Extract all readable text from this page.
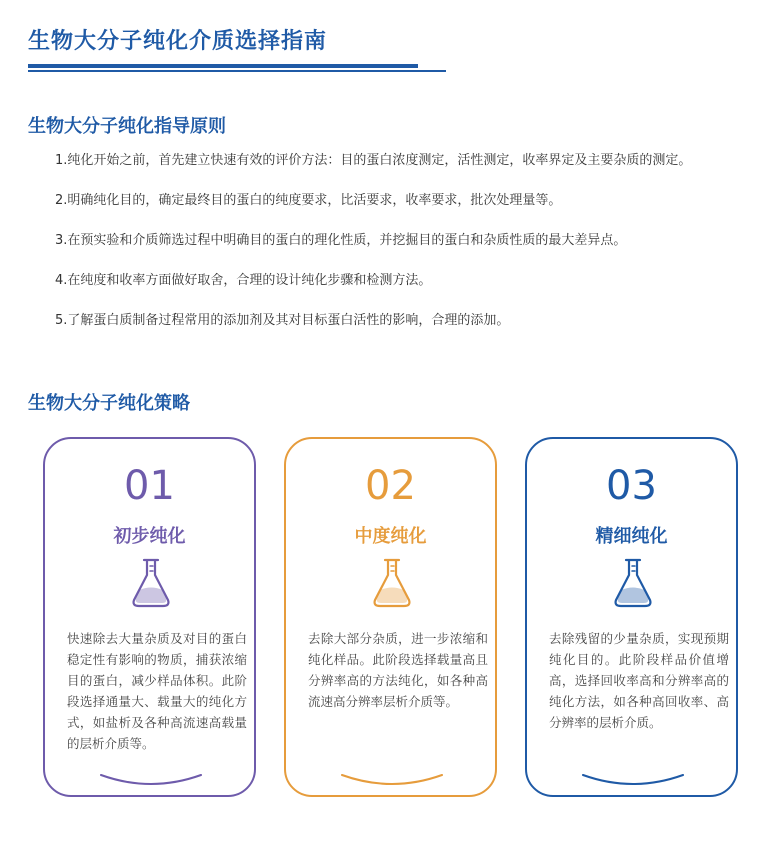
生物大分子纯化介质选择指南
生物大分子纯化指导原则
1.纯化开始之前，首先建立快速有效的评价方法：目的蛋白浓度测定，活性测定，收率界定及主要杂质的测定。
2.明确纯化目的，确定最终目的蛋白的纯度要求，比活要求，收率要求，批次处理量等。
3.在预实验和介质筛选过程中明确目的蛋白的理化性质，并挖掘目的蛋白和杂质性质的最大差异点。
4.在纯度和收率方面做好取舍，合理的设计纯化步骤和检测方法。
5.了解蛋白质制备过程常用的添加剂及其对目标蛋白活性的影响，合理的添加。
生物大分子纯化策略
01
初步纯化

快速除去大量杂质及对目的蛋白稳定性有影响的物质，捕获浓缩目的蛋白，减少样品体积。此阶段选择通量大、载量大的纯化方式，如盐析及各种高流速高载量的层析介质等。

02
中度纯化

去除大部分杂质，进一步浓缩和纯化样品。此阶段选择载量高且分辨率高的方法纯化，如各种高流速高分辨率层析介质等。

03
精细纯化

去除残留的少量杂质，实现预期纯化目的。此阶段样品价值增高，选择回收率高和分辨率高的纯化方法，如各种高回收率、高分辨率的层析介质。
